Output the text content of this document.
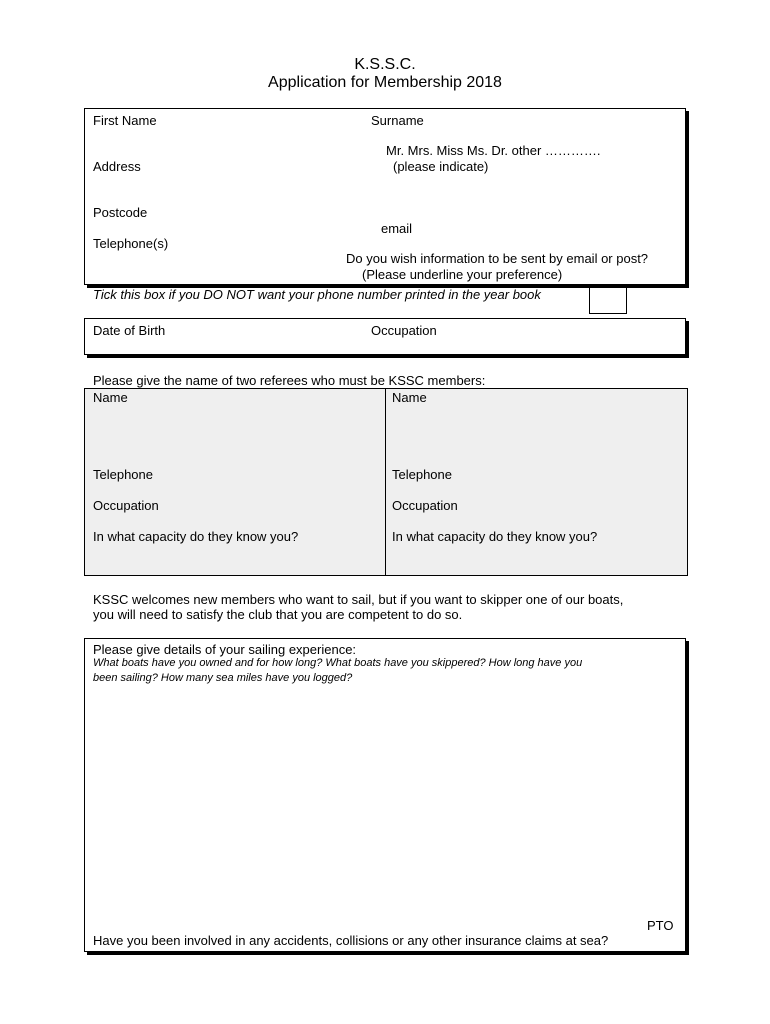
K.S.S.C.
Application for Membership 2018
First Name	Surname
Mr. Mrs. Miss Ms. Dr. other ………….
Address	(please indicate)
Postcode
email
Telephone(s)
Do you wish information to be sent by email or post?
(Please underline your preference)
Tick this box if you DO NOT want your phone number printed in the year book
Date of Birth	Occupation
Please give the name of two referees who must be KSSC members:
Name	Name
Telephone	Telephone
Occupation	Occupation
In what capacity do they know you?	In what capacity do they know you?
KSSC welcomes new members who want to sail, but if you want to skipper one of our boats,
you will need to satisfy the club that you are competent to do so.
Please give details of your sailing experience:
What boats have you owned and for how long? What boats have you skippered? How long have you
been sailing? How many sea miles have you logged?
PTO
Have you been involved in any accidents, collisions or any other insurance claims at sea?
